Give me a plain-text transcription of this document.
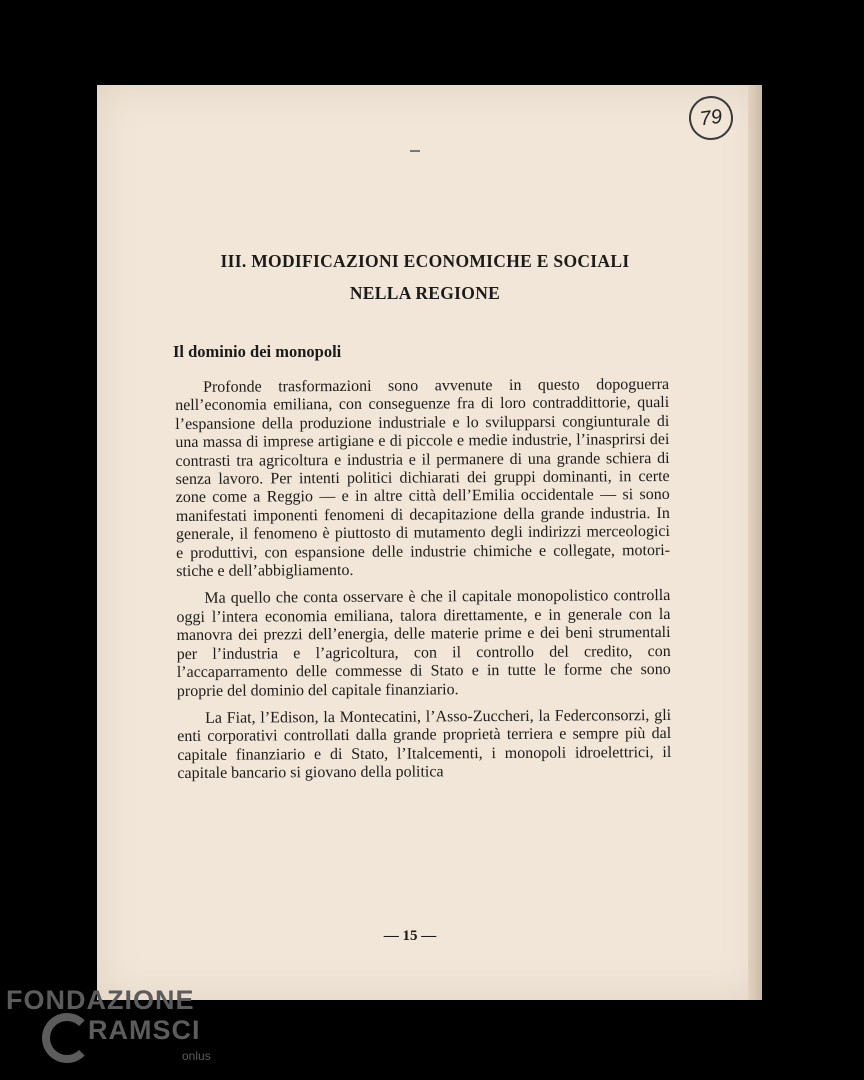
79
III. MODIFICAZIONI ECONOMICHE E SOCIALI
NELLA REGIONE
Il dominio dei monopoli

Profonde trasformazioni sono avvenute in questo dopoguerra nell’economia emiliana, con conseguenze fra di loro contraddittorie, quali l’espansione della produzione industriale e lo svilupparsi congiunturale di una massa di imprese artigiane e di piccole e medie industrie, l’inasprirsi dei contrasti tra agricoltura e industria e il permanere di una grande schiera di senza lavoro. Per intenti politici dichiarati dei gruppi dominanti, in certe zone come a Reggio — e in altre città dell’Emilia occidentale — si sono manifestati imponenti fenomeni di decapitazione della grande industria. In generale, il fenomeno è piuttosto di mutamento degli indirizzi merceologici e produttivi, con espansione delle industrie chimiche e collegate, motoristiche e dell’abbigliamento.

Ma quello che conta osservare è che il capitale monopolistico controlla oggi l’intera economia emiliana, talora direttamente, e in generale con la manovra dei prezzi dell’energia, delle materie prime e dei beni strumentali per l’industria e l’agricoltura, con il controllo del credito, con l’accaparramento delle commesse di Stato e in tutte le forme che sono proprie del dominio del capitale finanziario.

La Fiat, l’Edison, la Montecatini, l’Asso-Zuccheri, la Federconsorzi, gli enti corporativi controllati dalla grande proprietà terriera e sempre più dal capitale finanziario e di Stato, l’Italcementi, i monopoli idroelettrici, il capitale bancario si giovano della politica

— 15 —
FONDAZIONE
RAMSCI
onlus
